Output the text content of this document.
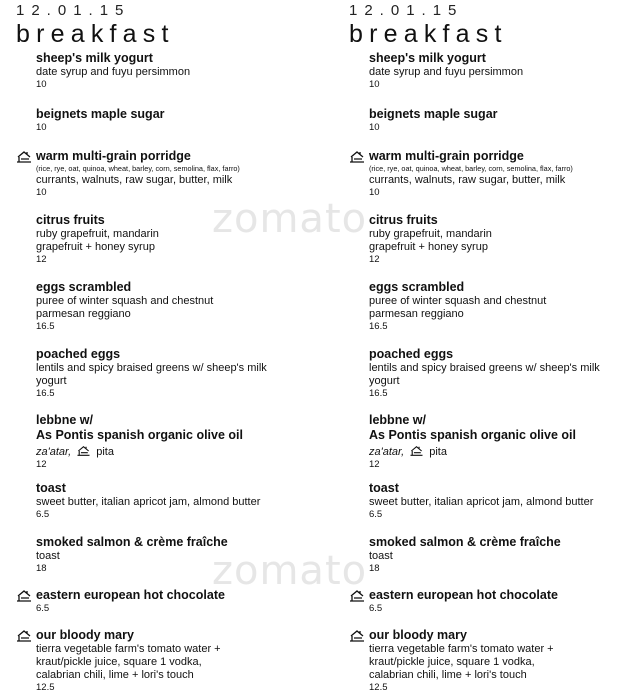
12.01.15
breakfast
sheep's milk yogurt
date syrup and fuyu persimmon
10
beignets maple sugar
10
warm multi-grain porridge
(rice, rye, oat, quinoa, wheat, barley, corn, semolina, flax, farro)
currants, walnuts, raw sugar, butter, milk
10
citrus fruits
ruby grapefruit, mandarin
grapefruit + honey syrup
12
eggs scrambled
puree of winter squash and chestnut
parmesan reggiano
16.5
poached eggs
lentils and spicy braised greens w/ sheep's milk
yogurt
16.5
lebbne w/
As Pontis spanish organic olive oil
za'atar, pita
12
toast
sweet butter, italian apricot jam, almond butter
6.5
smoked salmon & crème fraîche
toast
18
eastern european hot chocolate
6.5
our bloody mary
tierra vegetable farm's tomato water +
kraut/pickle juice, square 1 vodka,
calabrian chili, lime + lori's touch
12.5
12.01.15
breakfast
sheep's milk yogurt
date syrup and fuyu persimmon
10
beignets maple sugar
10
warm multi-grain porridge
(rice, rye, oat, quinoa, wheat, barley, corn, semolina, flax, farro)
currants, walnuts, raw sugar, butter, milk
10
citrus fruits
ruby grapefruit, mandarin
grapefruit + honey syrup
12
eggs scrambled
puree of winter squash and chestnut
parmesan reggiano
16.5
poached eggs
lentils and spicy braised greens w/ sheep's milk
yogurt
16.5
lebbne w/
As Pontis spanish organic olive oil
za'atar, pita
12
toast
sweet butter, italian apricot jam, almond butter
6.5
smoked salmon & crème fraîche
toast
18
eastern european hot chocolate
6.5
our bloody mary
tierra vegetable farm's tomato water +
kraut/pickle juice, square 1 vodka,
calabrian chili, lime + lori's touch
12.5
zomato
zomato
